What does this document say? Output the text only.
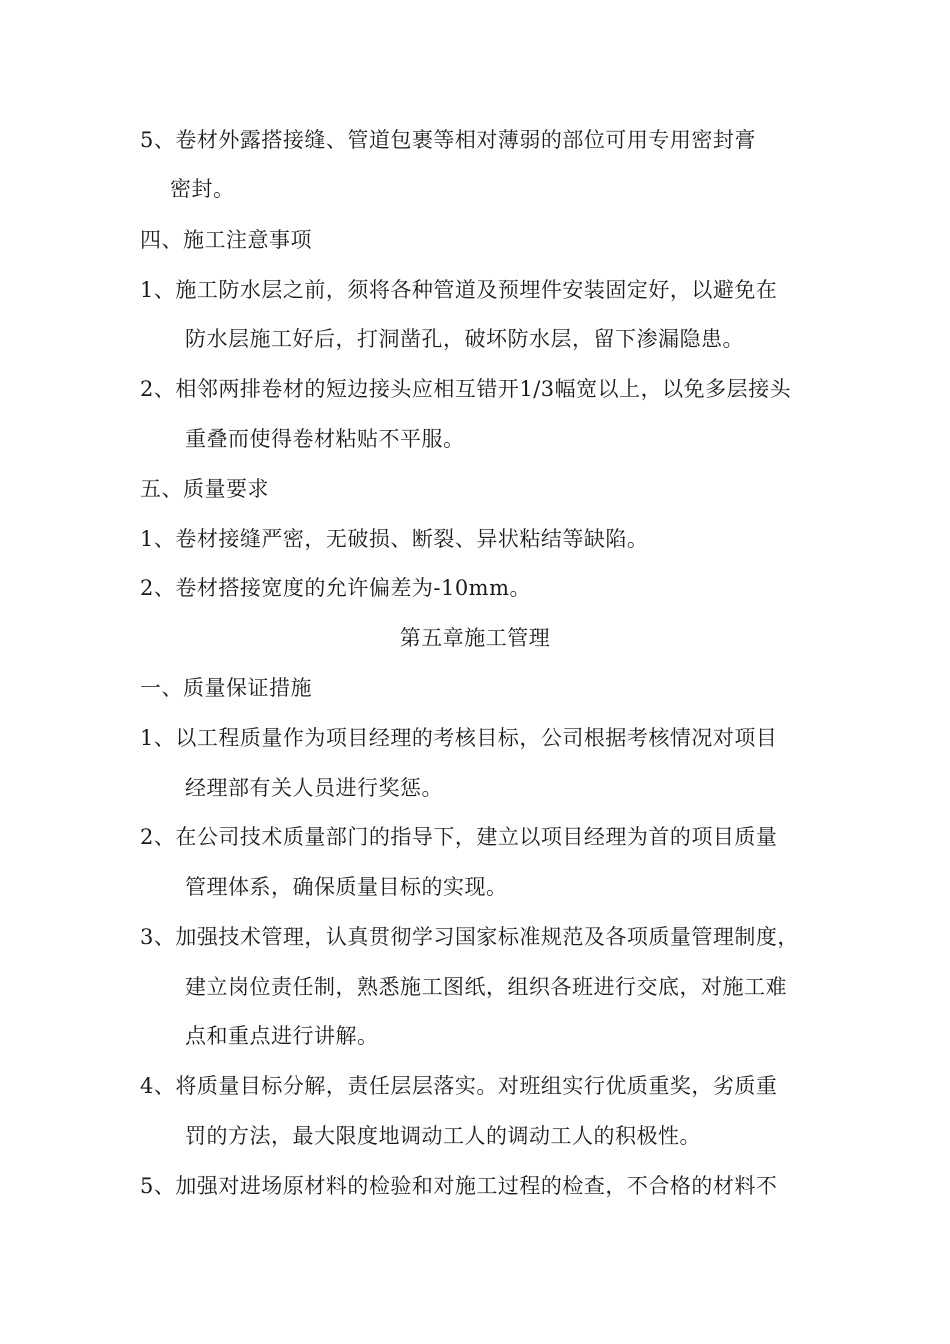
5、卷材外露搭接缝、管道包裹等相对薄弱的部位可用专用密封膏
密封。
四、施工注意事项
1、施工防水层之前，须将各种管道及预埋件安装固定好，以避免在
防水层施工好后，打洞凿孔，破坏防水层，留下渗漏隐患。
2、相邻两排卷材的短边接头应相互错开1/3幅宽以上，以免多层接头
重叠而使得卷材粘贴不平服。
五、质量要求
1、卷材接缝严密，无破损、断裂、异状粘结等缺陷。
2、卷材搭接宽度的允许偏差为-10mm。
第五章施工管理
一、质量保证措施
1、以工程质量作为项目经理的考核目标，公司根据考核情况对项目
经理部有关人员进行奖惩。
2、在公司技术质量部门的指导下，建立以项目经理为首的项目质量
管理体系，确保质量目标的实现。
3、加强技术管理，认真贯彻学习国家标准规范及各项质量管理制度，
建立岗位责任制，熟悉施工图纸，组织各班进行交底，对施工难
点和重点进行讲解。
4、将质量目标分解，责任层层落实。对班组实行优质重奖，劣质重
罚的方法，最大限度地调动工人的调动工人的积极性。
5、加强对进场原材料的检验和对施工过程的检查，不合格的材料不
